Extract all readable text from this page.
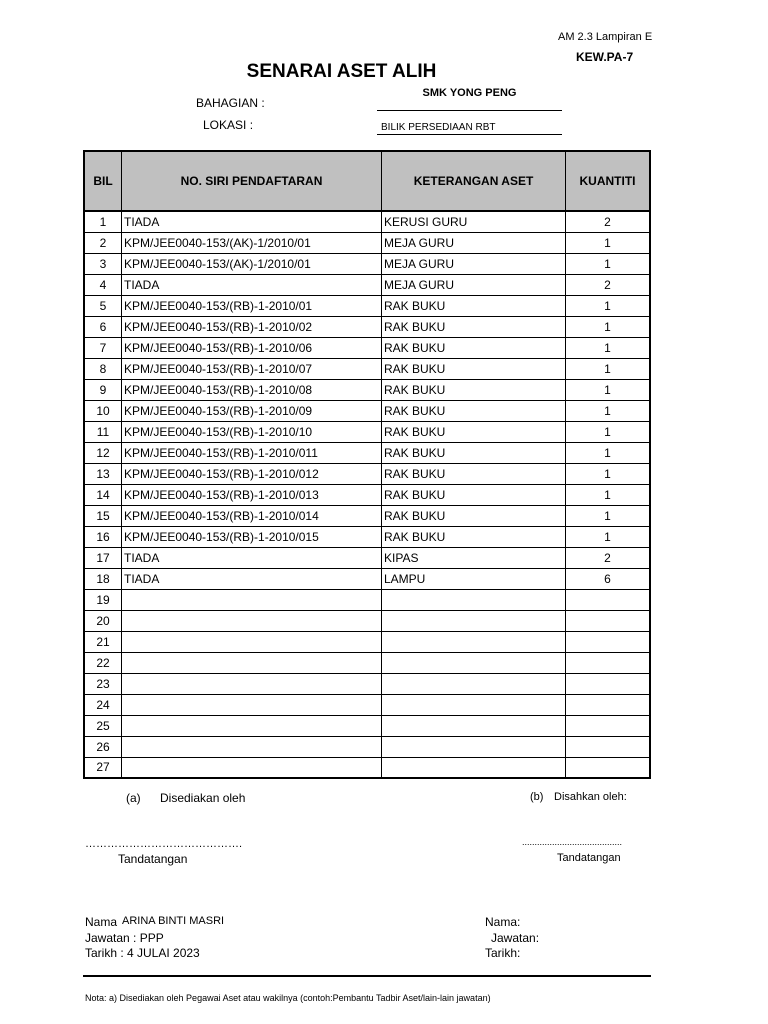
AM 2.3 Lampiran E
KEW.PA-7
SENARAI ASET ALIH
BAHAGIAN :
SMK YONG PENG
LOKASI :	BILIK PERSEDIAAN RBT
BIL	NO. SIRI PENDAFTARAN	KETERANGAN ASET	KUANTITI
1	TIADA	KERUSI GURU	2
2	KPM/JEE0040-153/(AK)-1/2010/01	MEJA GURU	1
3	KPM/JEE0040-153/(AK)-1/2010/01	MEJA GURU	1
4	TIADA	MEJA GURU	2
5	KPM/JEE0040-153/(RB)-1-2010/01	RAK BUKU	1
6	KPM/JEE0040-153/(RB)-1-2010/02	RAK BUKU	1
7	KPM/JEE0040-153/(RB)-1-2010/06	RAK BUKU	1
8	KPM/JEE0040-153/(RB)-1-2010/07	RAK BUKU	1
9	KPM/JEE0040-153/(RB)-1-2010/08	RAK BUKU	1
10	KPM/JEE0040-153/(RB)-1-2010/09	RAK BUKU	1
11	KPM/JEE0040-153/(RB)-1-2010/10	RAK BUKU	1
12	KPM/JEE0040-153/(RB)-1-2010/011	RAK BUKU	1
13	KPM/JEE0040-153/(RB)-1-2010/012	RAK BUKU	1
14	KPM/JEE0040-153/(RB)-1-2010/013	RAK BUKU	1
15	KPM/JEE0040-153/(RB)-1-2010/014	RAK BUKU	1
16	KPM/JEE0040-153/(RB)-1-2010/015	RAK BUKU	1
17	TIADA	KIPAS	2
18	TIADA	LAMPU	6
19			
20			
21			
22			
23			
24			
25			
26			
27			
(a) Disediakan oleh	(b) Disahkan oleh:
…………………………………….	........................................
Tandatangan	Tandatangan
Nama ARINA BINTI MASRI
Jawatan : PPP
Tarikh : 4 JULAI 2023
Nama:
Jawatan:
Tarikh:
Nota: a) Disediakan oleh Pegawai Aset atau wakilnya (contoh:Pembantu Tadbir Aset/lain-lain jawatan)
